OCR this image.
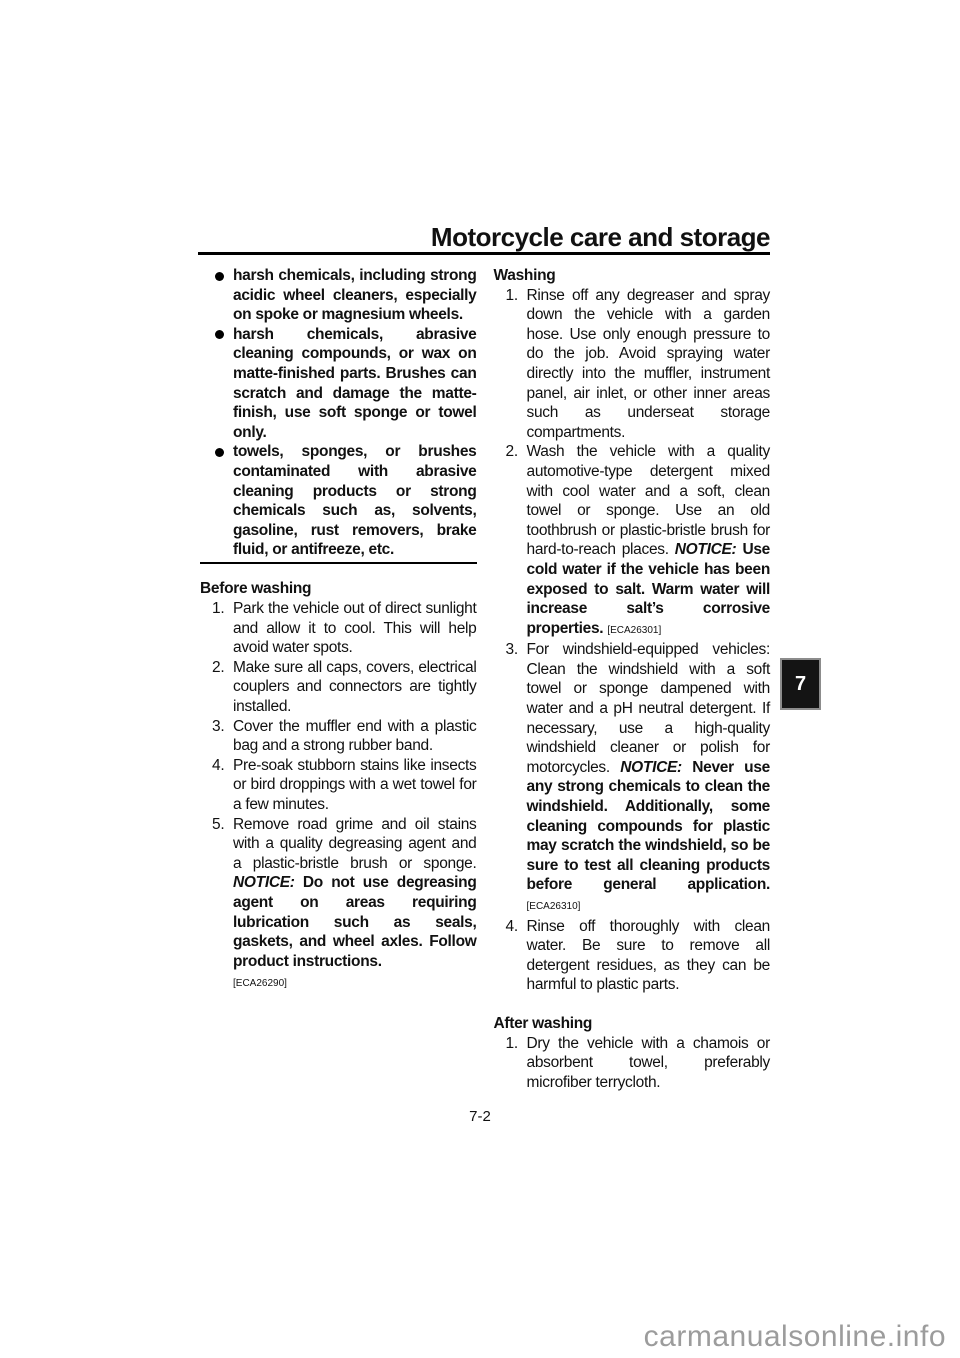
Motorcycle care and storage
harsh chemicals, including strong acidic wheel cleaners, especially on spoke or magnesium wheels.
harsh chemicals, abrasive cleaning compounds, or wax on matte-finished parts. Brushes can scratch and damage the matte-finish, use soft sponge or towel only.
towels, sponges, or brushes contaminated with abrasive cleaning products or strong chemicals such as, solvents, gasoline, rust removers, brake fluid, or antifreeze, etc.

Before washing

1. Park the vehicle out of direct sunlight and allow it to cool. This will help avoid water spots.
2. Make sure all caps, covers, electrical couplers and connectors are tightly installed.
3. Cover the muffler end with a plastic bag and a strong rubber band.
4. Pre-soak stubborn stains like insects or bird droppings with a wet towel for a few minutes.
5. Remove road grime and oil stains with a quality degreasing agent and a plastic-bristle brush or sponge. NOTICE: Do not use degreasing agent on areas requiring lubrication such as seals, gaskets, and wheel axles. Follow product instructions.
[ECA26290]

Washing

1. Rinse off any degreaser and spray down the vehicle with a garden hose. Use only enough pressure to do the job. Avoid spraying water directly into the muffler, instrument panel, air inlet, or other inner areas such as underseat storage compartments.
2. Wash the vehicle with a quality automotive-type detergent mixed with cool water and a soft, clean towel or sponge. Use an old toothbrush or plastic-bristle brush for hard-to-reach places. NOTICE: Use cold water if the vehicle has been exposed to salt. Warm water will increase salt’s corrosive properties. [ECA26301]
3. For windshield-equipped vehicles: Clean the windshield with a soft towel or sponge dampened with water and a pH neutral detergent. If necessary, use a high-quality windshield cleaner or polish for motorcycles. NOTICE: Never use any strong chemicals to clean the windshield. Additionally, some cleaning compounds for plastic may scratch the windshield, so be sure to test all cleaning products before general application. [ECA26310]
4. Rinse off thoroughly with clean water. Be sure to remove all detergent residues, as they can be harmful to plastic parts.

After washing

1. Dry the vehicle with a chamois or absorbent towel, preferably microfiber terrycloth.
7
7-2
carmanualsonline.info
